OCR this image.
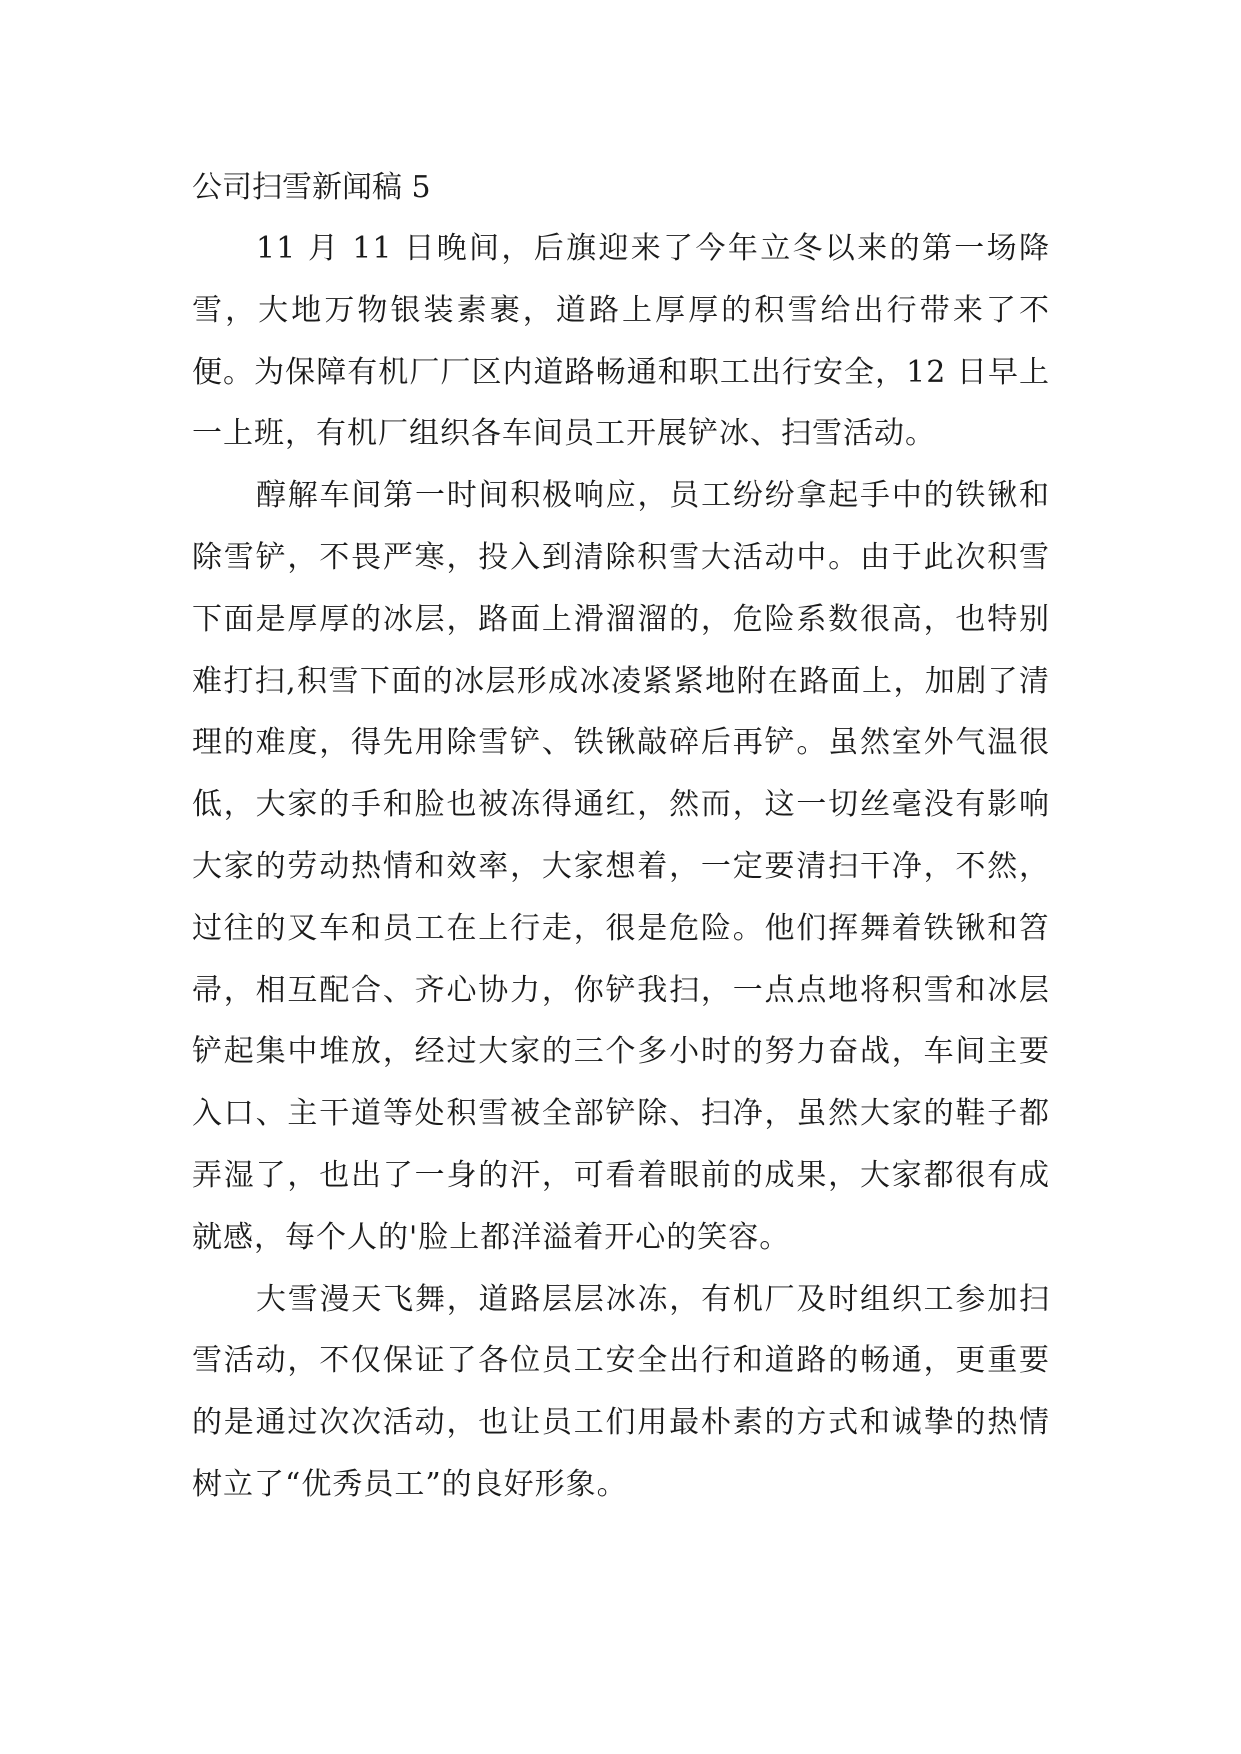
公司扫雪新闻稿 5

11 月 11 日晚间，后旗迎来了今年立冬以来的第一场降雪，大地万物银装素裹，道路上厚厚的积雪给出行带来了不便。为保障有机厂厂区内道路畅通和职工出行安全，12 日早上一上班，有机厂组织各车间员工开展铲冰、扫雪活动。

醇解车间第一时间积极响应，员工纷纷拿起手中的铁锹和除雪铲，不畏严寒，投入到清除积雪大活动中。由于此次积雪下面是厚厚的冰层，路面上滑溜溜的，危险系数很高，也特别难打扫,积雪下面的冰层形成冰凌紧紧地附在路面上，加剧了清理的难度，得先用除雪铲、铁锹敲碎后再铲。虽然室外气温很低，大家的手和脸也被冻得通红，然而，这一切丝毫没有影响大家的劳动热情和效率，大家想着，一定要清扫干净，不然，过往的叉车和员工在上行走，很是危险。他们挥舞着铁锹和笤帚，相互配合、齐心协力，你铲我扫，一点点地将积雪和冰层铲起集中堆放，经过大家的三个多小时的努力奋战，车间主要入口、主干道等处积雪被全部铲除、扫净，虽然大家的鞋子都弄湿了，也出了一身的汗，可看着眼前的成果，大家都很有成就感，每个人的'脸上都洋溢着开心的笑容。

大雪漫天飞舞，道路层层冰冻，有机厂及时组织工参加扫雪活动，不仅保证了各位员工安全出行和道路的畅通，更重要的是通过次次活动，也让员工们用最朴素的方式和诚挚的热情树立了“优秀员工”的良好形象。
